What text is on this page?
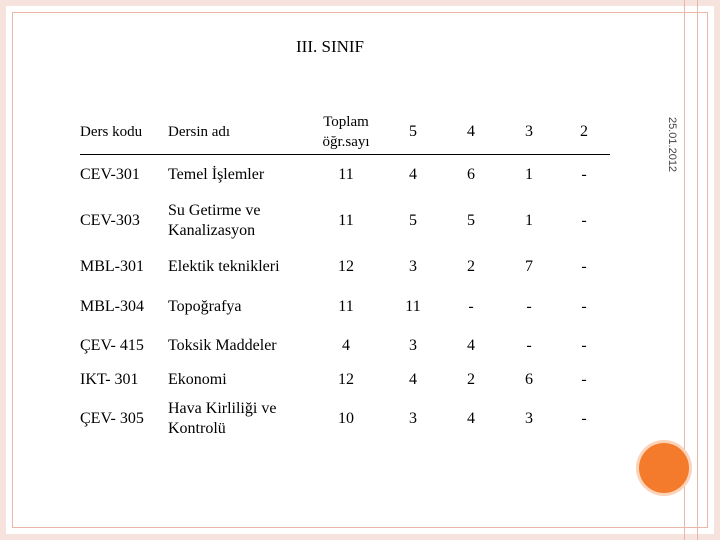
III. SINIF
25.01.2012
Ders kodu	Dersin adı	Toplam öğr.sayı	5	4	3	2
CEV-301	Temel İşlemler	11	4	6	1	-
CEV-303	Su Getirme ve Kanalizasyon	11	5	5	1	-
MBL-301	Elektik teknikleri	12	3	2	7	-
MBL-304	Topoğrafya	11	11	-	-	-
ÇEV- 415	Toksik Maddeler	4	3	4	-	-
IKT- 301	Ekonomi	12	4	2	6	-
ÇEV- 305	Hava Kirliliği ve Kontrolü	10	3	4	3	-
